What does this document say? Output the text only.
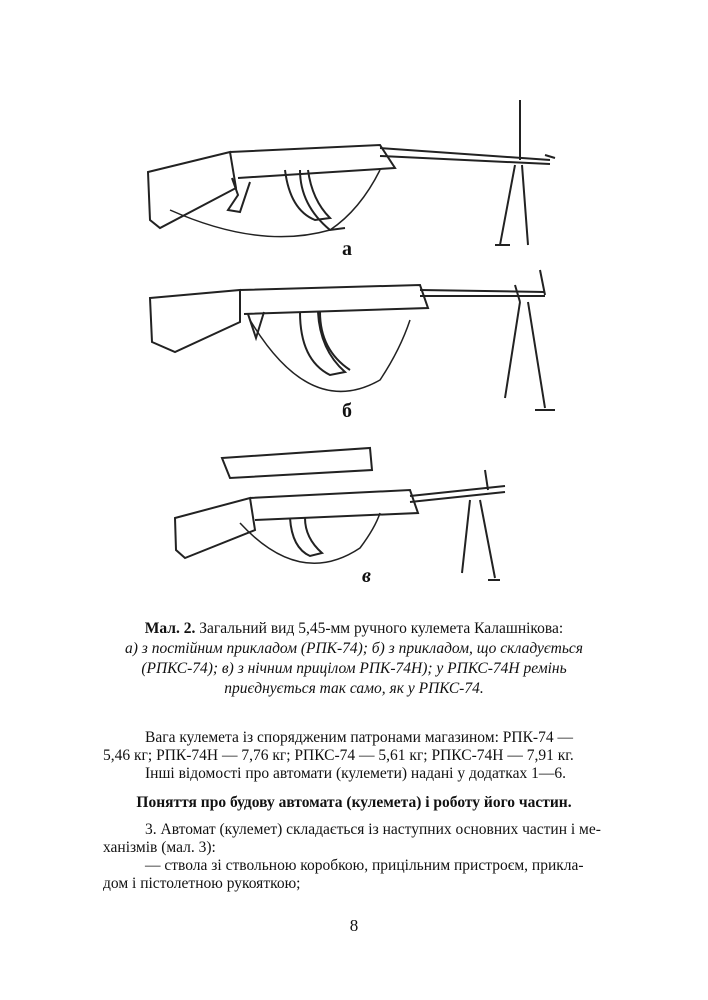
а
б
в
Мал. 2. Загальний вид 5,45-мм ручного кулемета Калашнікова:
а) з постійним прикладом (РПК-74); б) з прикладом, що складується
(РПКС-74); в) з нічним прицілом РПК-74Н); у РПКС-74Н ремінь
приєднується так само, як у РПКС-74.
Вага кулемета із спорядженим патронами магазином: РПК-74 —
5,46 кг; РПК-74Н — 7,76 кг; РПКС-74 — 5,61 кг; РПКС-74Н — 7,91 кг.
Інші відомості про автомати (кулемети) надані у додатках 1—6.
Поняття про будову автомата (кулемета) і роботу його частин.
3. Автомат (кулемет) складається із наступних основних частин і ме-
ханізмів (мал. 3):
— ствола зі ствольною коробкою, прицільним пристроєм, прикла-
дом і пістолетною рукояткою;
8
